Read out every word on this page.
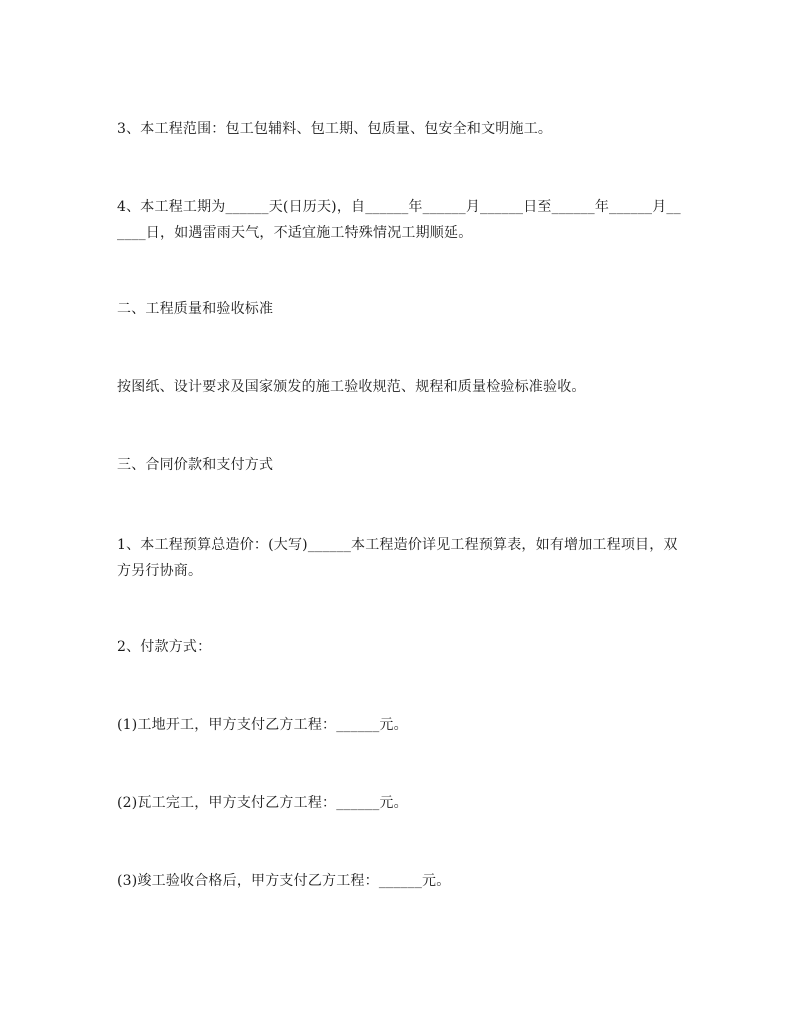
3、本工程范围：包工包辅料、包工期、包质量、包安全和文明施工。
4、本工程工期为______天(日历天)，自______年______月______日至______年______月______日，如遇雷雨天气，不适宜施工特殊情况工期顺延。
二、工程质量和验收标准
按图纸、设计要求及国家颁发的施工验收规范、规程和质量检验标准验收。
三、合同价款和支付方式
1、本工程预算总造价：(大写)______本工程造价详见工程预算表，如有增加工程项目，双方另行协商。
2、付款方式：
(1)工地开工，甲方支付乙方工程：______元。
(2)瓦工完工，甲方支付乙方工程：______元。
(3)竣工验收合格后，甲方支付乙方工程：______元。
